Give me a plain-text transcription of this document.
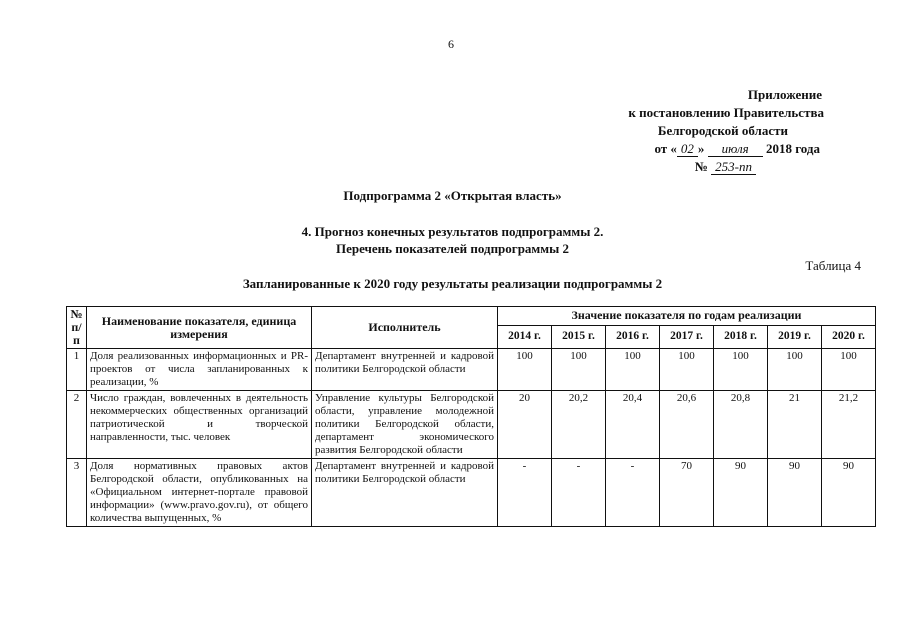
6
Приложение
к постановлению Правительства
Белгородской области
от « 02 » июля 2018 года
№ 253-пп
Подпрограмма 2 «Открытая власть»
4. Прогноз конечных результатов подпрограммы 2.
Перечень показателей подпрограммы 2
Таблица 4
Запланированные к 2020 году результаты реализации подпрограммы 2
№ п/п	Наименование показателя, единица измерения	Исполнитель	Значение показателя по годам реализации						
			2014 г.	2015 г.	2016 г.	2017 г.	2018 г.	2019 г.	2020 г.
1	Доля реализованных информационных и PR-проектов от числа запланированных к реализации, %	Департамент внутренней и кадровой политики Белгородской области	100	100	100	100	100	100	100
2	Число граждан, вовлеченных в деятельность некоммерческих общественных организаций патриотической и творческой направленности, тыс. человек	Управление культуры Белгородской области, управление молодежной политики Белгородской области, департамент экономического развития Белгородской области	20	20,2	20,4	20,6	20,8	21	21,2
3	Доля нормативных правовых актов Белгородской области, опубликованных на «Официальном интернет-портале правовой информации» (www.pravo.gov.ru), от общего количества выпущенных, %	Департамент внутренней и кадровой политики Белгородской области	-	-	-	70	90	90	90
